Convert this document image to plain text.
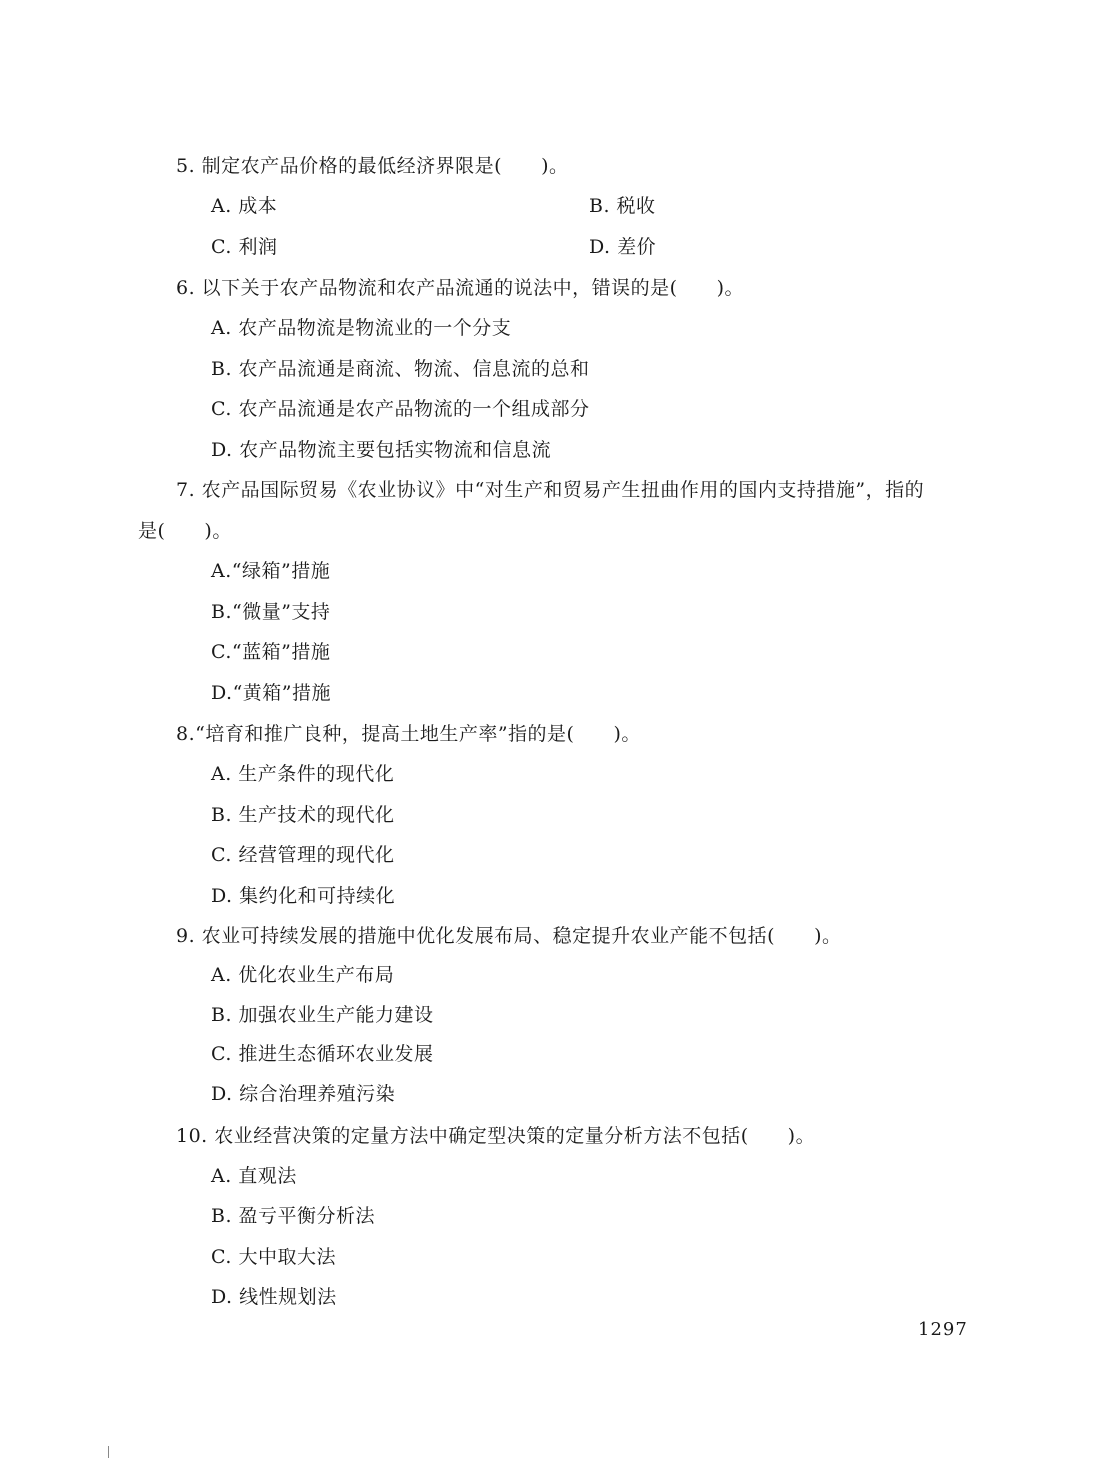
5. 制定农产品价格的最低经济界限是(　　)。
A. 成本	B. 税收
C. 利润	D. 差价
6. 以下关于农产品物流和农产品流通的说法中，错误的是(　　)。
A. 农产品物流是物流业的一个分支
B. 农产品流通是商流、物流、信息流的总和
C. 农产品流通是农产品物流的一个组成部分
D. 农产品物流主要包括实物流和信息流
7. 农产品国际贸易《农业协议》中“对生产和贸易产生扭曲作用的国内支持措施”，指的
是(　　)。
A.“绿箱”措施
B.“微量”支持
C.“蓝箱”措施
D.“黄箱”措施
8.“培育和推广良种，提高土地生产率”指的是(　　)。
A. 生产条件的现代化
B. 生产技术的现代化
C. 经营管理的现代化
D. 集约化和可持续化
9. 农业可持续发展的措施中优化发展布局、稳定提升农业产能不包括(　　)。
A. 优化农业生产布局
B. 加强农业生产能力建设
C. 推进生态循环农业发展
D. 综合治理养殖污染
10. 农业经营决策的定量方法中确定型决策的定量分析方法不包括(　　)。
A. 直观法
B. 盈亏平衡分析法
C. 大中取大法
D. 线性规划法
1297
